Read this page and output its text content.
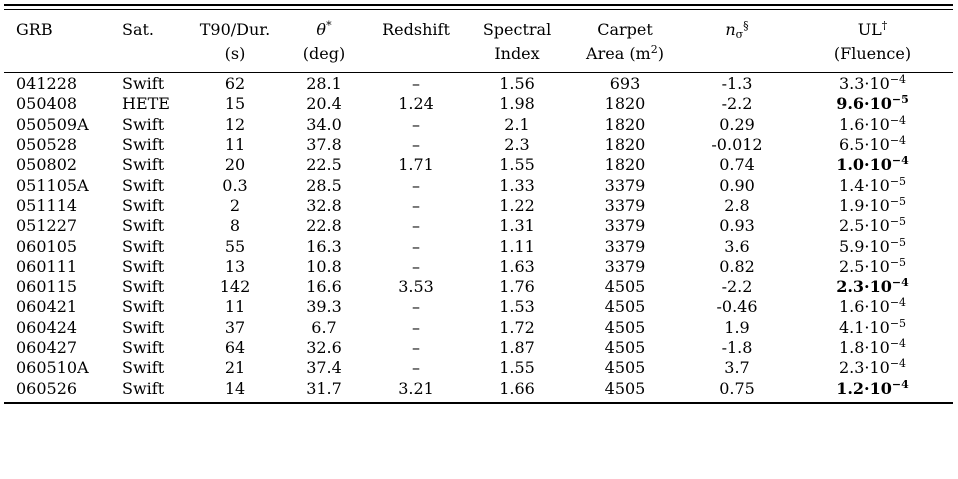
GRB	Sat.	T90/Dur.	θ*	Redshift	Spectral	Carpet	$n_\sigma^\S$	UL†
		(s)	(deg)		Index	Area $(m^2)$		(Fluence)
041228	Swift	62	28.1	–	1.56	693	-1.3	$3.3\cdot 10^{-4}$
050408	HETE	15	20.4	1.24	1.98	1820	-2.2	$9.6\cdot 10^{-5}$
050509A	Swift	12	34.0	–	2.1	1820	0.29	$1.6\cdot 10^{-4}$
050528	Swift	11	37.8	–	2.3	1820	-0.012	$6.5\cdot 10^{-4}$
050802	Swift	20	22.5	1.71	1.55	1820	0.74	$1.0\cdot 10^{-4}$
051105A	Swift	0.3	28.5	–	1.33	3379	0.90	$1.4\cdot 10^{-5}$
051114	Swift	2	32.8	–	1.22	3379	2.8	$1.9\cdot 10^{-5}$
051227	Swift	8	22.8	–	1.31	3379	0.93	$2.5\cdot 10^{-5}$
060105	Swift	55	16.3	–	1.11	3379	3.6	$5.9\cdot 10^{-5}$
060111	Swift	13	10.8	–	1.63	3379	0.82	$2.5\cdot 10^{-5}$
060115	Swift	142	16.6	3.53	1.76	4505	-2.2	$2.3\cdot 10^{-4}$
060421	Swift	11	39.3	–	1.53	4505	-0.46	$1.6\cdot 10^{-4}$
060424	Swift	37	6.7	–	1.72	4505	1.9	$4.1\cdot 10^{-5}$
060427	Swift	64	32.6	–	1.87	4505	-1.8	$1.8\cdot 10^{-4}$
060510A	Swift	21	37.4	–	1.55	4505	3.7	$2.3\cdot 10^{-4}$
060526	Swift	14	31.7	3.21	1.66	4505	0.75	$1.2\cdot 10^{-4}$
